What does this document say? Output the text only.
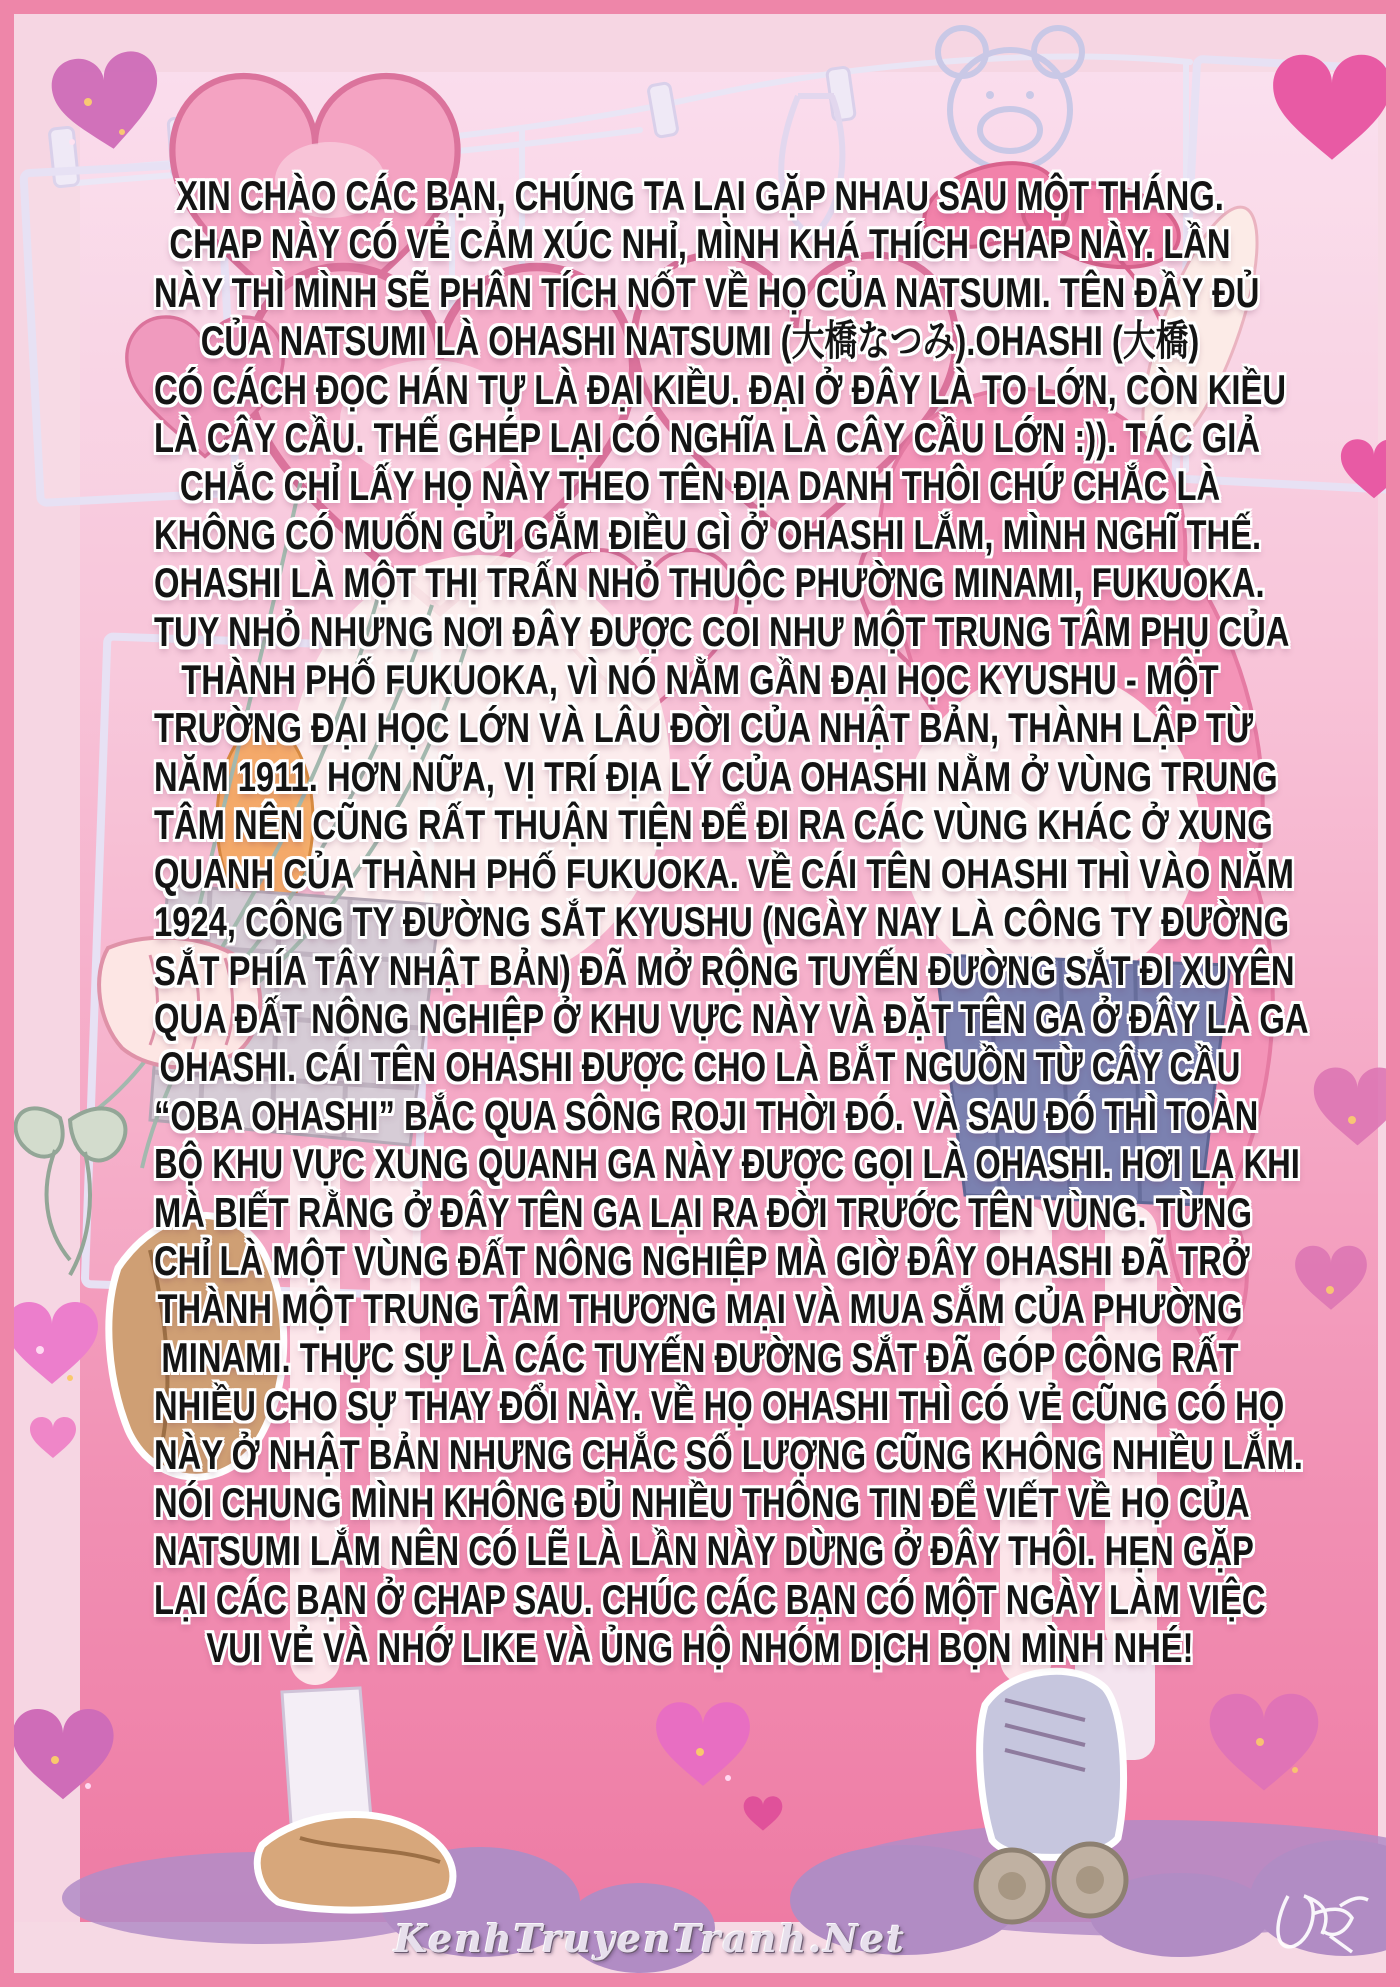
XIN CHÀO CÁC BẠN, CHÚNG TA LẠI GẶP NHAU SAU MỘT THÁNG.
CHAP NÀY CÓ VẺ CẢM XÚC NHỈ, MÌNH KHÁ THÍCH CHAP NÀY. LẦN
NÀY THÌ MÌNH SẼ PHÂN TÍCH NỐT VỀ HỌ CỦA NATSUMI. TÊN ĐẦY ĐỦ
CỦA NATSUMI LÀ OHASHI NATSUMI (大橋なつみ).OHASHI (大橋)
CÓ CÁCH ĐỌC HÁN TỰ LÀ ĐẠI KIỀU. ĐẠI Ở ĐÂY LÀ TO LỚN, CÒN KIỀU
LÀ CÂY CẦU. THẾ GHÉP LẠI CÓ NGHĨA LÀ CÂY CẦU LỚN :)). TÁC GIẢ
CHẮC CHỈ LẤY HỌ NÀY THEO TÊN ĐỊA DANH THÔI CHỨ CHẮC LÀ
KHÔNG CÓ MUỐN GỬI GẮM ĐIỀU GÌ Ở OHASHI LẮM, MÌNH NGHĨ THẾ.
OHASHI LÀ MỘT THỊ TRẤN NHỎ THUỘC PHƯỜNG MINAMI, FUKUOKA.
TUY NHỎ NHƯNG NƠI ĐÂY ĐƯỢC COI NHƯ MỘT TRUNG TÂM PHỤ CỦA
THÀNH PHỐ FUKUOKA, VÌ NÓ NẰM GẦN ĐẠI HỌC KYUSHU - MỘT
TRƯỜNG ĐẠI HỌC LỚN VÀ LÂU ĐỜI CỦA NHẬT BẢN, THÀNH LẬP TỪ
NĂM 1911. HƠN NỮA, VỊ TRÍ ĐỊA LÝ CỦA OHASHI NẰM Ở VÙNG TRUNG
TÂM NÊN CŨNG RẤT THUẬN TIỆN ĐỂ ĐI RA CÁC VÙNG KHÁC Ở XUNG
QUANH CỦA THÀNH PHỐ FUKUOKA. VỀ CÁI TÊN OHASHI THÌ VÀO NĂM
1924, CÔNG TY ĐƯỜNG SẮT KYUSHU (NGÀY NAY LÀ CÔNG TY ĐƯỜNG
SẮT PHÍA TÂY NHẬT BẢN) ĐÃ MỞ RỘNG TUYẾN ĐƯỜNG SẮT ĐI XUYÊN
QUA ĐẤT NÔNG NGHIỆP Ở KHU VỰC NÀY VÀ ĐẶT TÊN GA Ở ĐÂY LÀ GA
OHASHI. CÁI TÊN OHASHI ĐƯỢC CHO LÀ BẮT NGUỒN TỪ CÂY CẦU
“OBA OHASHI” BẮC QUA SÔNG ROJI THỜI ĐÓ. VÀ SAU ĐÓ THÌ TOÀN
BỘ KHU VỰC XUNG QUANH GA NÀY ĐƯỢC GỌI LÀ OHASHI. HƠI LẠ KHI
MÀ BIẾT RẰNG Ở ĐÂY TÊN GA LẠI RA ĐỜI TRƯỚC TÊN VÙNG. TỪNG
CHỈ LÀ MỘT VÙNG ĐẤT NÔNG NGHIỆP MÀ GIỜ ĐÂY OHASHI ĐÃ TRỞ
THÀNH MỘT TRUNG TÂM THƯƠNG MẠI VÀ MUA SẮM CỦA PHƯỜNG
MINAMI. THỰC SỰ LÀ CÁC TUYẾN ĐƯỜNG SẮT ĐÃ GÓP CÔNG RẤT
NHIỀU CHO SỰ THAY ĐỔI NÀY. VỀ HỌ OHASHI THÌ CÓ VẺ CŨNG CÓ HỌ
NÀY Ở NHẬT BẢN NHƯNG CHẮC SỐ LƯỢNG CŨNG KHÔNG NHIỀU LẮM.
NÓI CHUNG MÌNH KHÔNG ĐỦ NHIỀU THÔNG TIN ĐỂ VIẾT VỀ HỌ CỦA
NATSUMI LẮM NÊN CÓ LẼ LÀ LẦN NÀY DỪNG Ở ĐÂY THÔI. HẸN GẶP
LẠI CÁC BẠN Ở CHAP SAU. CHÚC CÁC BẠN CÓ MỘT NGÀY LÀM VIỆC
VUI VẺ VÀ NHỚ LIKE VÀ ỦNG HỘ NHÓM DỊCH BỌN MÌNH NHÉ!
KenhTruyenTranh.Net
